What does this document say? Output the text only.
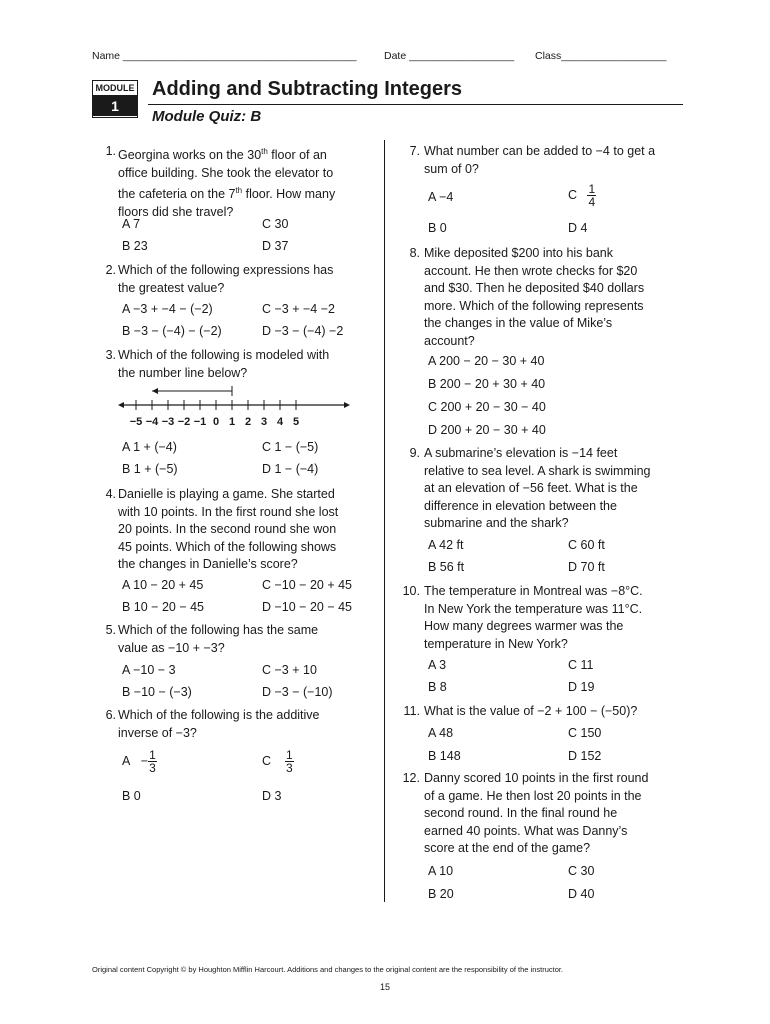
Name ________________________________________	Date __________________ Class__________________
MODULE
1
Adding and Subtracting Integers
Module Quiz: B
1. Georgina works on the 30th floor of an
office building. She took the elevator to
the cafeteria on the 7th floor. How many
floors did she travel?
A 7	C 30
B 23	D 37
2. Which of the following expressions has
the greatest value?
A −3 + −4 − (−2)	C −3 + −4 −2
B −3 − (−4) − (−2)	D −3 − (−4) −2
3. Which of the following is modeled with
the number line below?
−5 −4 −3 −2 −1 0 1 2 3 4 5
A 1 + (−4)	C 1 − (−5)
B 1 + (−5)	D 1 − (−4)
4. Danielle is playing a game. She started
with 10 points. In the first round she lost
20 points. In the second round she won
45 points. Which of the following shows
the changes in Danielle’s score?
A 10 − 20 + 45	C −10 − 20 + 45
B 10 − 20 − 45	D −10 − 20 − 45
5. Which of the following has the same
value as −10 + −3?
A −10 − 3	C −3 + 10
B −10 − (−3)	D −3 − (−10)
6. Which of the following is the additive
inverse of −3?
$A - \frac{1}{3}$	C $\frac{1}{3}$
B 0	D 3
7. What number can be added to −4 to get a
sum of 0?
A −4	C $\frac{1}{4}$
B 0	D 4
8. Mike deposited $200 into his bank
account. He then wrote checks for $20
and $30. Then he deposited $40 dollars
more. Which of the following represents
the changes in the value of Mike’s
account?
A 200 − 20 − 30 + 40
B 200 − 20 + 30 + 40
C 200 + 20 − 30 − 40
D 200 + 20 − 30 + 40
9. A submarine’s elevation is −14 feet
relative to sea level. A shark is swimming
at an elevation of −56 feet. What is the
difference in elevation between the
submarine and the shark?
A 42 ft	C 60 ft
B 56 ft	D 70 ft
10. The temperature in Montreal was −8°C.
In New York the temperature was 11°C.
How many degrees warmer was the
temperature in New York?
A 3	C 11
B 8	D 19
11. What is the value of −2 + 100 − (−50)?
A 48	C 150
B 148	D 152
12. Danny scored 10 points in the first round
of a game. He then lost 20 points in the
second round. In the final round he
earned 40 points. What was Danny’s
score at the end of the game?
A 10	C 30
B 20	D 40
Original content Copyright © by Houghton Mifflin Harcourt. Additions and changes to the original content are the responsibility of the instructor.
15
